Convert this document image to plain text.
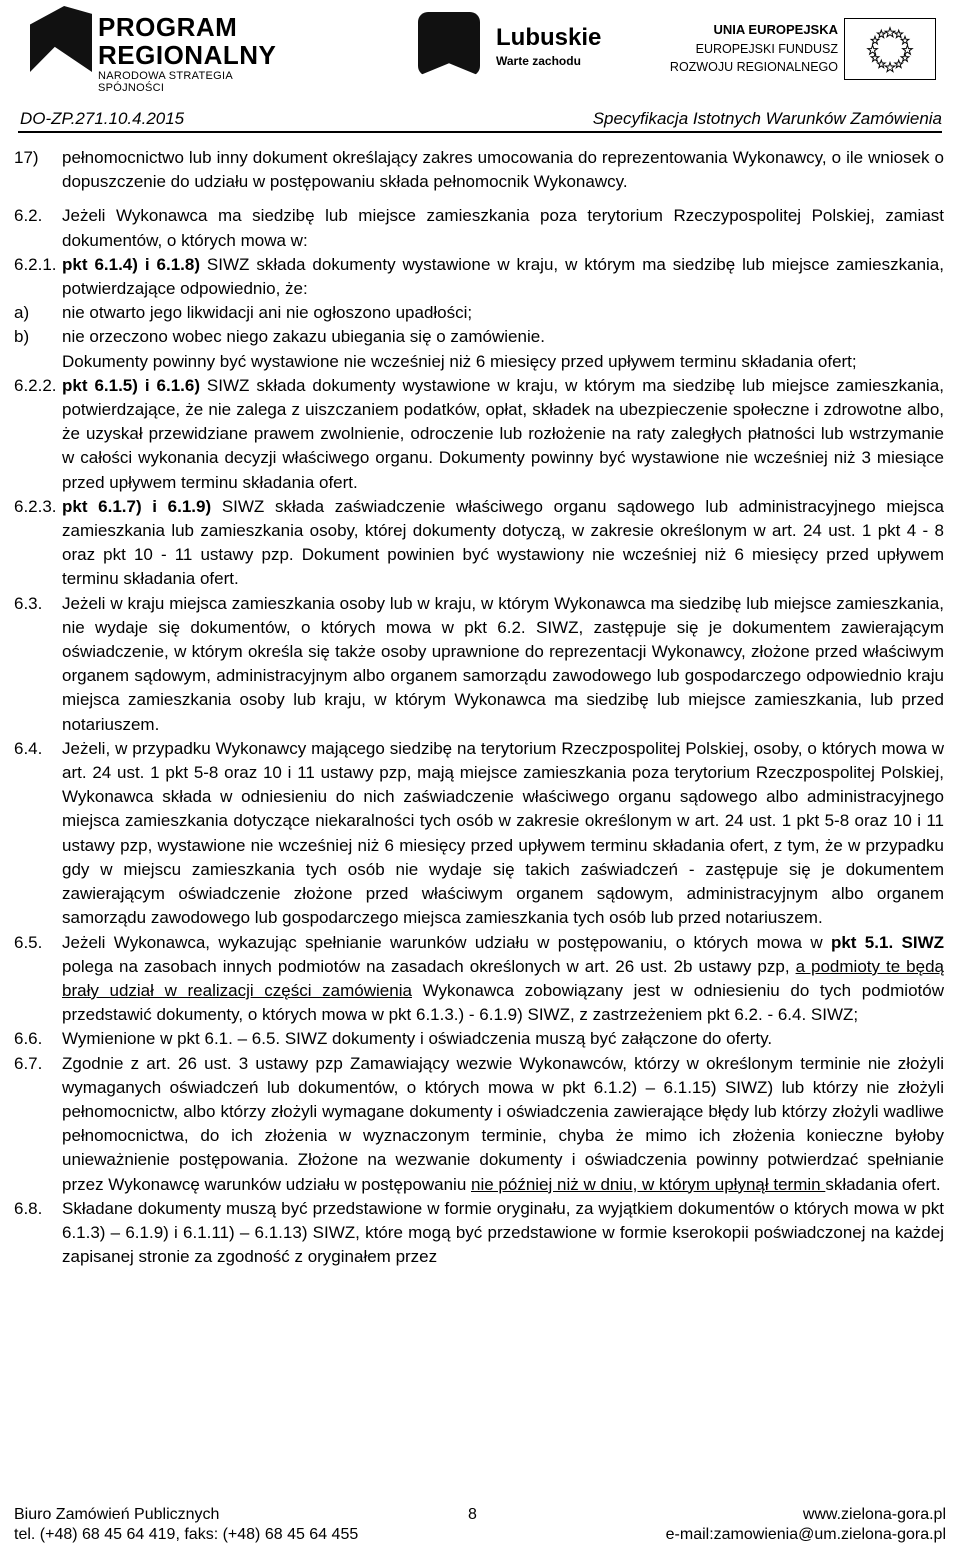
PROGRAM
REGIONALNY
NARODOWA STRATEGIA SPÓJNOŚCI
Lubuskie
Warte zachodu
UNIA EUROPEJSKA
EUROPEJSKI FUNDUSZ
ROZWOJU REGIONALNEGO
DO-ZP.271.10.4.2015	Specyfikacja Istotnych Warunków Zamówienia
17) pełnomocnictwo lub inny dokument określający zakres umocowania do reprezentowania Wykonawcy, o ile wniosek o dopuszczenie do udziału w postępowaniu składa pełnomocnik Wykonawcy.
6.2. Jeżeli Wykonawca ma siedzibę lub miejsce zamieszkania poza terytorium Rzeczypospolitej Polskiej, zamiast dokumentów, o których mowa w:
6.2.1. pkt 6.1.4) i 6.1.8) SIWZ składa dokumenty wystawione w kraju, w którym ma siedzibę lub miejsce zamieszkania, potwierdzające odpowiednio, że:
a) nie otwarto jego likwidacji ani nie ogłoszono upadłości;
b) nie orzeczono wobec niego zakazu ubiegania się o zamówienie.
Dokumenty powinny być wystawione nie wcześniej niż 6 miesięcy przed upływem terminu składania ofert;
6.2.2. pkt 6.1.5) i 6.1.6) SIWZ składa dokumenty wystawione w kraju, w którym ma siedzibę lub miejsce zamieszkania, potwierdzające, że nie zalega z uiszczaniem podatków, opłat, składek na ubezpieczenie społeczne i zdrowotne albo, że uzyskał przewidziane prawem zwolnienie, odroczenie lub rozłożenie na raty zaległych płatności lub wstrzymanie w całości wykonania decyzji właściwego organu. Dokumenty powinny być wystawione nie wcześniej niż 3 miesiące przed upływem terminu składania ofert.
6.2.3. pkt 6.1.7) i 6.1.9) SIWZ składa zaświadczenie właściwego organu sądowego lub administracyjnego miejsca zamieszkania lub zamieszkania osoby, której dokumenty dotyczą, w zakresie określonym w art. 24 ust. 1 pkt 4 - 8 oraz pkt 10 - 11 ustawy pzp. Dokument powinien być wystawiony nie wcześniej niż 6 miesięcy przed upływem terminu składania ofert.
6.3. Jeżeli w kraju miejsca zamieszkania osoby lub w kraju, w którym Wykonawca ma siedzibę lub miejsce zamieszkania, nie wydaje się dokumentów, o których mowa w pkt 6.2. SIWZ, zastępuje się je dokumentem zawierającym oświadczenie, w którym określa się także osoby uprawnione do reprezentacji Wykonawcy, złożone przed właściwym organem sądowym, administracyjnym albo organem samorządu zawodowego lub gospodarczego odpowiednio kraju miejsca zamieszkania osoby lub kraju, w którym Wykonawca ma siedzibę lub miejsce zamieszkania, lub przed notariuszem.
6.4. Jeżeli, w przypadku Wykonawcy mającego siedzibę na terytorium Rzeczpospolitej Polskiej, osoby, o których mowa w art. 24 ust. 1 pkt 5-8 oraz 10 i 11 ustawy pzp, mają miejsce zamieszkania poza terytorium Rzeczpospolitej Polskiej, Wykonawca składa w odniesieniu do nich zaświadczenie właściwego organu sądowego albo administracyjnego miejsca zamieszkania dotyczące niekaralności tych osób w zakresie określonym w art. 24 ust. 1 pkt 5-8 oraz 10 i 11 ustawy pzp, wystawione nie wcześniej niż 6 miesięcy przed upływem terminu składania ofert, z tym, że w przypadku gdy w miejscu zamieszkania tych osób nie wydaje się takich zaświadczeń - zastępuje się je dokumentem zawierającym oświadczenie złożone przed właściwym organem sądowym, administracyjnym albo organem samorządu zawodowego lub gospodarczego miejsca zamieszkania tych osób lub przed notariuszem.
6.5. Jeżeli Wykonawca, wykazując spełnianie warunków udziału w postępowaniu, o których mowa w pkt 5.1. SIWZ polega na zasobach innych podmiotów na zasadach określonych w art. 26 ust. 2b ustawy pzp, a podmioty te będą brały udział w realizacji części zamówienia Wykonawca zobowiązany jest w odniesieniu do tych podmiotów przedstawić dokumenty, o których mowa w pkt 6.1.3.) - 6.1.9) SIWZ, z zastrzeżeniem pkt 6.2. - 6.4. SIWZ;
6.6. Wymienione w pkt 6.1. – 6.5. SIWZ dokumenty i oświadczenia muszą być załączone do oferty.
6.7. Zgodnie z art. 26 ust. 3 ustawy pzp Zamawiający wezwie Wykonawców, którzy w określonym terminie nie złożyli wymaganych oświadczeń lub dokumentów, o których mowa w pkt 6.1.2) – 6.1.15) SIWZ) lub którzy nie złożyli pełnomocnictw, albo którzy złożyli wymagane dokumenty i oświadczenia zawierające błędy lub którzy złożyli wadliwe pełnomocnictwa, do ich złożenia w wyznaczonym terminie, chyba że mimo ich złożenia konieczne byłoby unieważnienie postępowania. Złożone na wezwanie dokumenty i oświadczenia powinny potwierdzać spełnianie przez Wykonawcę warunków udziału w postępowaniu nie później niż w dniu, w którym upłynął termin składania ofert.
6.8. Składane dokumenty muszą być przedstawione w formie oryginału, za wyjątkiem dokumentów o których mowa w pkt 6.1.3) – 6.1.9) i 6.1.11) – 6.1.13) SIWZ, które mogą być przedstawione w formie kserokopii poświadczonej na każdej zapisanej stronie za zgodność z oryginałem przez
Biuro Zamówień Publicznych	8	www.zielona-gora.pl
tel. (+48) 68 45 64 419, faks: (+48) 68 45 64 455	e-mail:zamowienia@um.zielona-gora.pl
